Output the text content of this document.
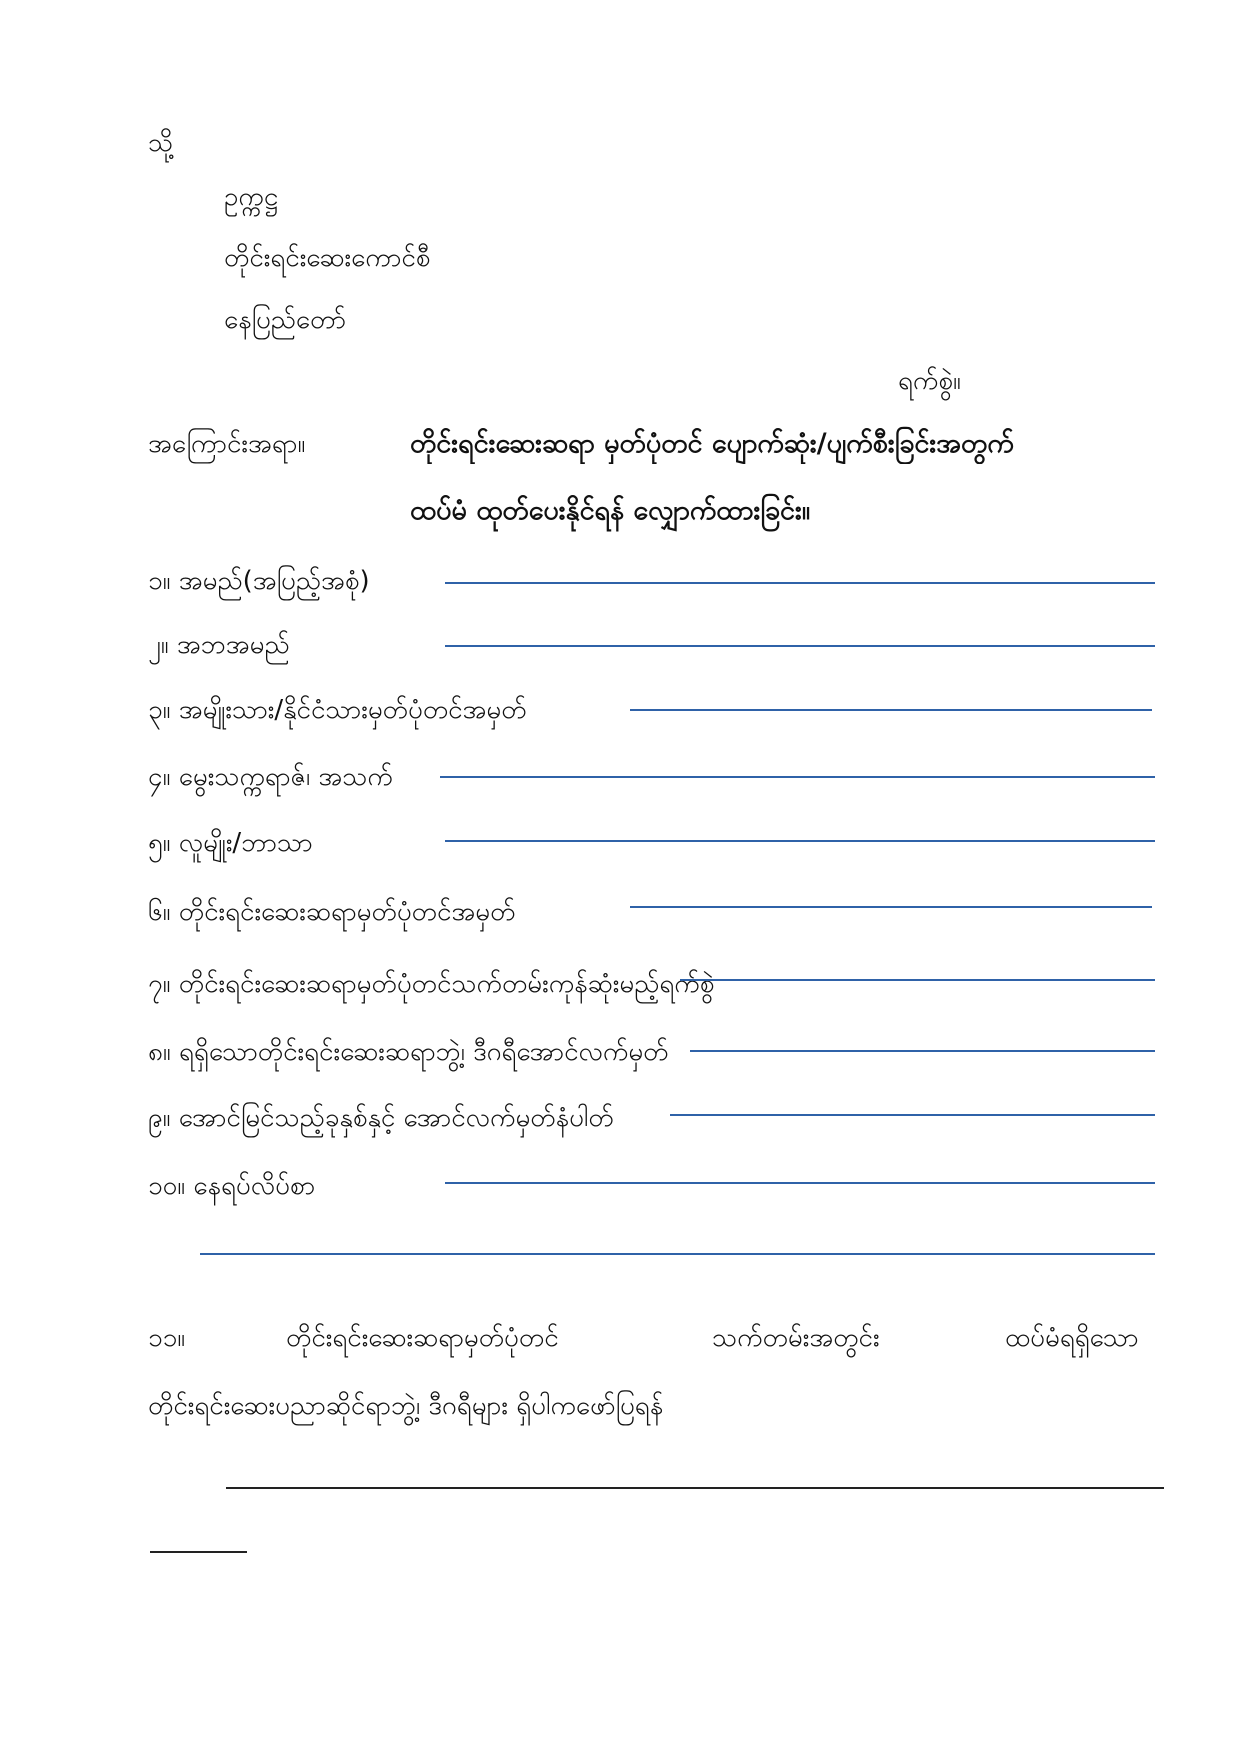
သို့
ဥက္ကဋ္ဌ
တိုင်းရင်းဆေးကောင်စီ
နေပြည်တော်
ရက်စွဲ။
အကြောင်းအရာ။	တိုင်းရင်းဆေးဆရာ မှတ်ပုံတင် ပျောက်ဆုံး/ပျက်စီးခြင်းအတွက်
ထပ်မံ ထုတ်ပေးနိုင်ရန် လျှောက်ထားခြင်း။
၁။ အမည်(အပြည့်အစုံ)
၂။ အဘအမည်
၃။ အမျိုးသား/နိုင်ငံသားမှတ်ပုံတင်အမှတ်
၄။ မွေးသက္ကရာဇ်၊ အသက်
၅။ လူမျိုး/ဘာသာ
၆။ တိုင်းရင်းဆေးဆရာမှတ်ပုံတင်အမှတ်
၇။ တိုင်းရင်းဆေးဆရာမှတ်ပုံတင်သက်တမ်းကုန်ဆုံးမည့်ရက်စွဲ
၈။ ရရှိသောတိုင်းရင်းဆေးဆရာဘွဲ့၊ ဒီဂရီအောင်လက်မှတ်
၉။ အောင်မြင်သည့်ခုနှစ်နှင့် အောင်လက်မှတ်နံပါတ်
၁၀။ နေရပ်လိပ်စာ
၁၁။	တိုင်းရင်းဆေးဆရာမှတ်ပုံတင်	သက်တမ်းအတွင်း	ထပ်မံရရှိသော
တိုင်းရင်းဆေးပညာဆိုင်ရာဘွဲ့၊ ဒီဂရီများ ရှိပါကဖော်ပြရန်
